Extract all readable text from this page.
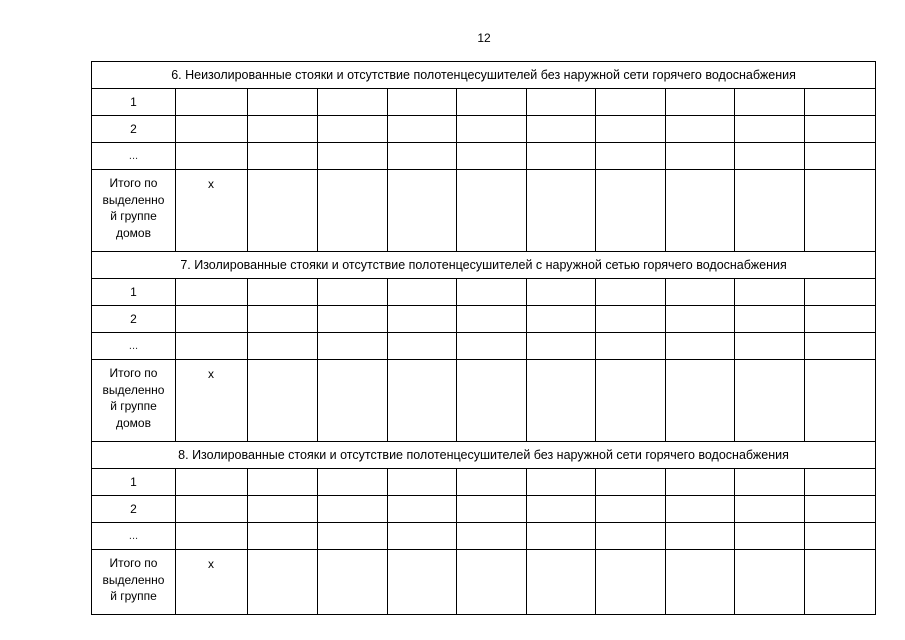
12
6. Неизолированные стояки и отсутствие полотенцесушителей без наружной сети горячего водоснабжения										
1										
2										
...										

Итого по
выделенно
й группе
домов	x									
7. Изолированные стояки и отсутствие полотенцесушителей с наружной сетью горячего водоснабжения										
1										
2										
...										

Итого по
выделенно
й группе
домов	x									
8. Изолированные стояки и отсутствие полотенцесушителей без наружной сети горячего водоснабжения										
1										
2										
...										

Итого по
выделенно
й группе	x									
